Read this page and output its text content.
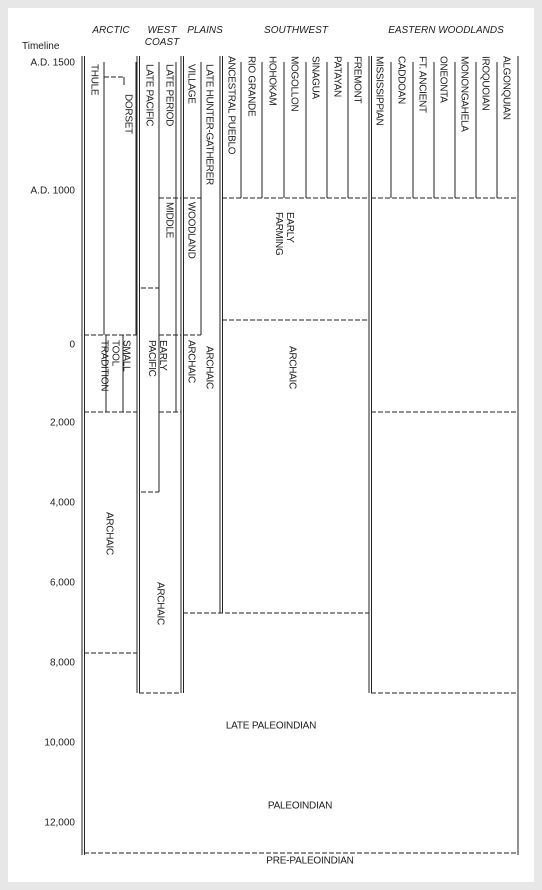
ARCTIC WEST COAST
PLAINS	SOUTHWEST	EASTERN WOODLANDS
Timeline
A.D. 1500
A.D. 1000
0
2,000
4,000
6,000
8,000
10,000
12,000
THULE
DORSET
SMALLTOOLTRADITION
LATE PACIFIC LATE PERIOD
MIDDLE
EARLYPACIFIC
VILLAGE
WOODLAND
ARCHAIC
LATE HUNTER-GATHERER
ARCHAIC
ANCESTRAL PUEBLO RIO GRANDE HOHOKAM MOGOLLON SINAGUA PATAYAN FREMONT
EARLYFARMING
ARCHAIC
MISSISSIPPIAN CADDOAN FT. ANCIENT ONEONTA MONONGAHELA IROQUOIAN ALGONQUIAN
ARCHAIC
ARCHAIC
LATE PALEOINDIAN
PALEOINDIAN
PRE-PALEOINDIAN
